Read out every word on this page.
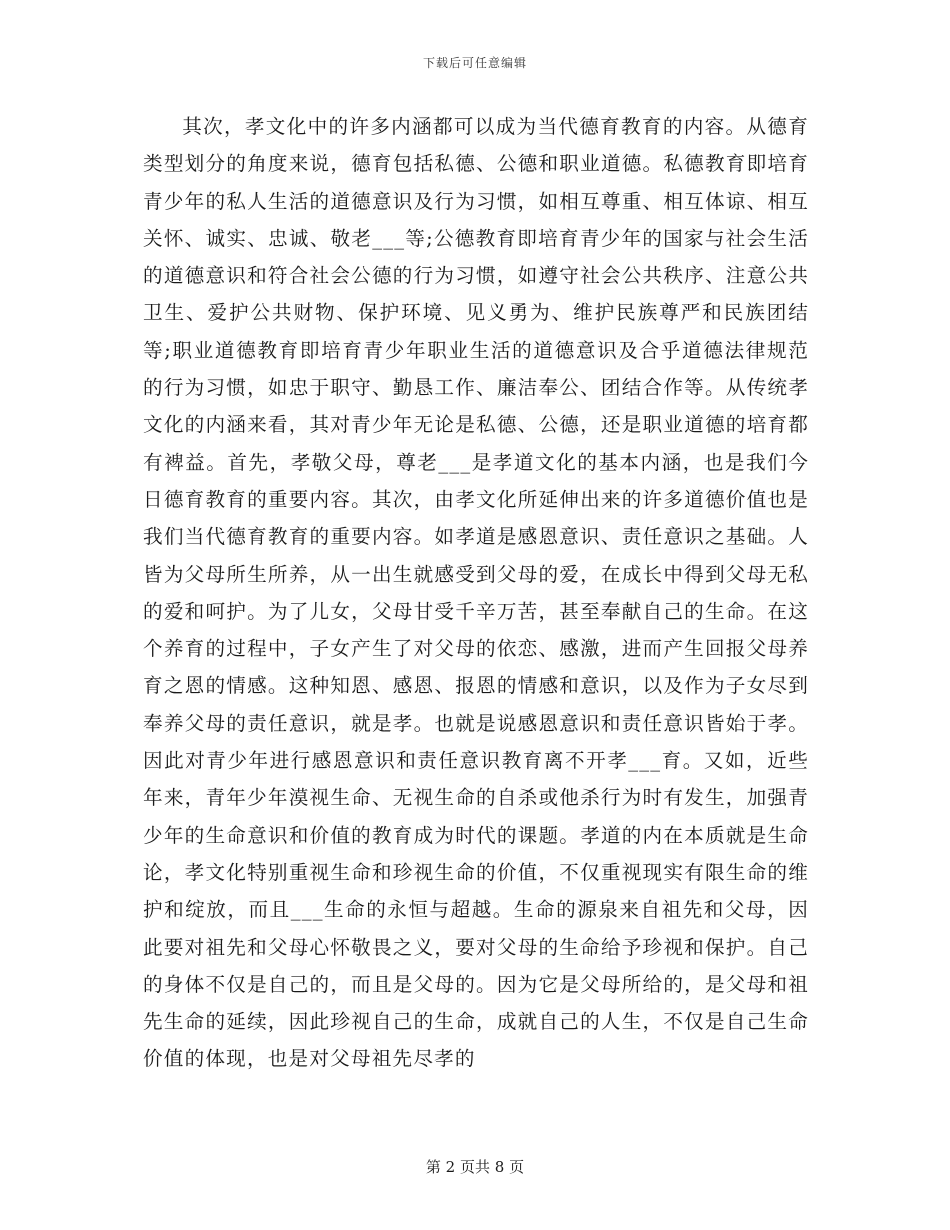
下载后可任意编辑

其次，孝文化中的许多内涵都可以成为当代德育教育的内容。从德育类型划分的角度来说，德育包括私德、公德和职业道德。私德教育即培育青少年的私人生活的道德意识及行为习惯，如相互尊重、相互体谅、相互关怀、诚实、忠诚、敬老___等;公德教育即培育青少年的国家与社会生活的道德意识和符合社会公德的行为习惯，如遵守社会公共秩序、注意公共卫生、爱护公共财物、保护环境、见义勇为、维护民族尊严和民族团结等;职业道德教育即培育青少年职业生活的道德意识及合乎道德法律规范的行为习惯，如忠于职守、勤恳工作、廉洁奉公、团结合作等。从传统孝文化的内涵来看，其对青少年无论是私德、公德，还是职业道德的培育都有裨益。首先，孝敬父母，尊老___是孝道文化的基本内涵，也是我们今日德育教育的重要内容。其次，由孝文化所延伸出来的许多道德价值也是我们当代德育教育的重要内容。如孝道是感恩意识、责任意识之基础。人皆为父母所生所养，从一出生就感受到父母的爱，在成长中得到父母无私的爱和呵护。为了儿女，父母甘受千辛万苦，甚至奉献自己的生命。在这个养育的过程中，子女产生了对父母的依恋、感激，进而产生回报父母养育之恩的情感。这种知恩、感恩、报恩的情感和意识，以及作为子女尽到奉养父母的责任意识，就是孝。也就是说感恩意识和责任意识皆始于孝。因此对青少年进行感恩意识和责任意识教育离不开孝___育。又如，近些年来，青年少年漠视生命、无视生命的自杀或他杀行为时有发生，加强青少年的生命意识和价值的教育成为时代的课题。孝道的内在本质就是生命论，孝文化特别重视生命和珍视生命的价值，不仅重视现实有限生命的维护和绽放，而且___生命的永恒与超越。生命的源泉来自祖先和父母，因此要对祖先和父母心怀敬畏之义，要对父母的生命给予珍视和保护。自己的身体不仅是自己的，而且是父母的。因为它是父母所给的，是父母和祖先生命的延续，因此珍视自己的生命，成就自己的人生，不仅是自己生命价值的体现，也是对父母祖先尽孝的

第 2 页共 8 页
